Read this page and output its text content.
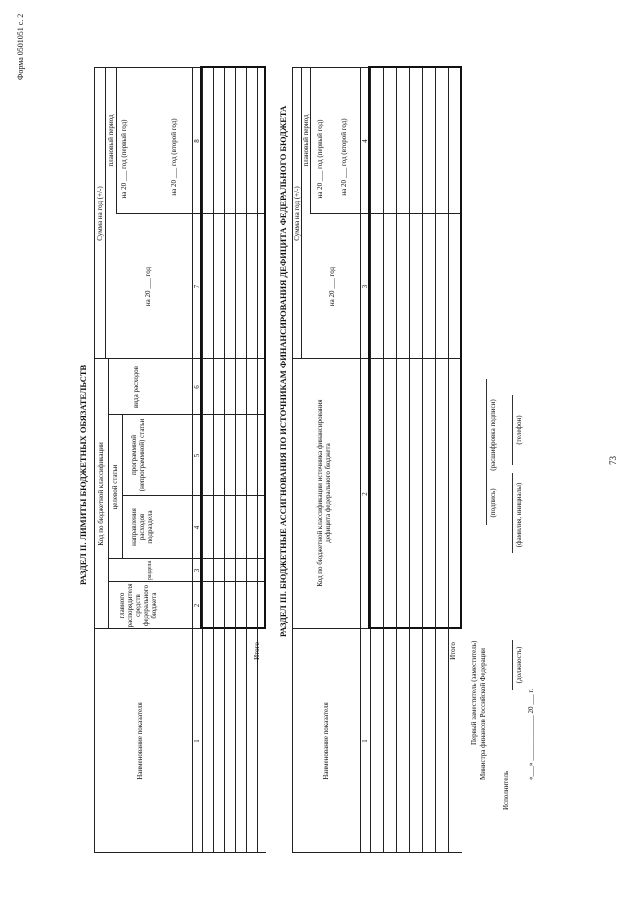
73
Форма 0501051 с. 2
РАЗДЕЛ II. ЛИМИТЫ БЮДЖЕТНЫХ ОБЯЗАТЕЛЬСТВ
Наименование показателя
Код по бюджетной классификации
главного распорядителя средств федерального бюджета
раздела
подраздела
целевой статьи
программной (непрограммной) статьи
направления расходов
вида расходов
Сумма на год (+/-)
плановый период
на 20 ___ год
на 20 ___ год (первый год)	на 20 ___ год (второй год)
1
2
3
4
5
6
7
8
Итого
РАЗДЕЛ III. БЮДЖЕТНЫЕ АССИГНОВАНИЯ ПО ИСТОЧНИКАМ ФИНАНСИРОВАНИЯ ДЕФИЦИТА ФЕДЕРАЛЬНОГО БЮДЖЕТА
Наименование показателя
Код по бюджетной классификации источника финансирования дефицита федерального бюджета
Сумма на год (+/-)
плановый период
на 20 ___ год
на 20 ___ год (первый год) на 20 ___ год (второй год)
1
2
3
4
Итого Первый заместитель (заместитель) Министра финансов Российской Федерации
(подпись)
(расшифровка подписи)
Исполнитель
(должность)
(фамилия, инициалы)
(телефон)
«___» _____________ 20 ___ г.
